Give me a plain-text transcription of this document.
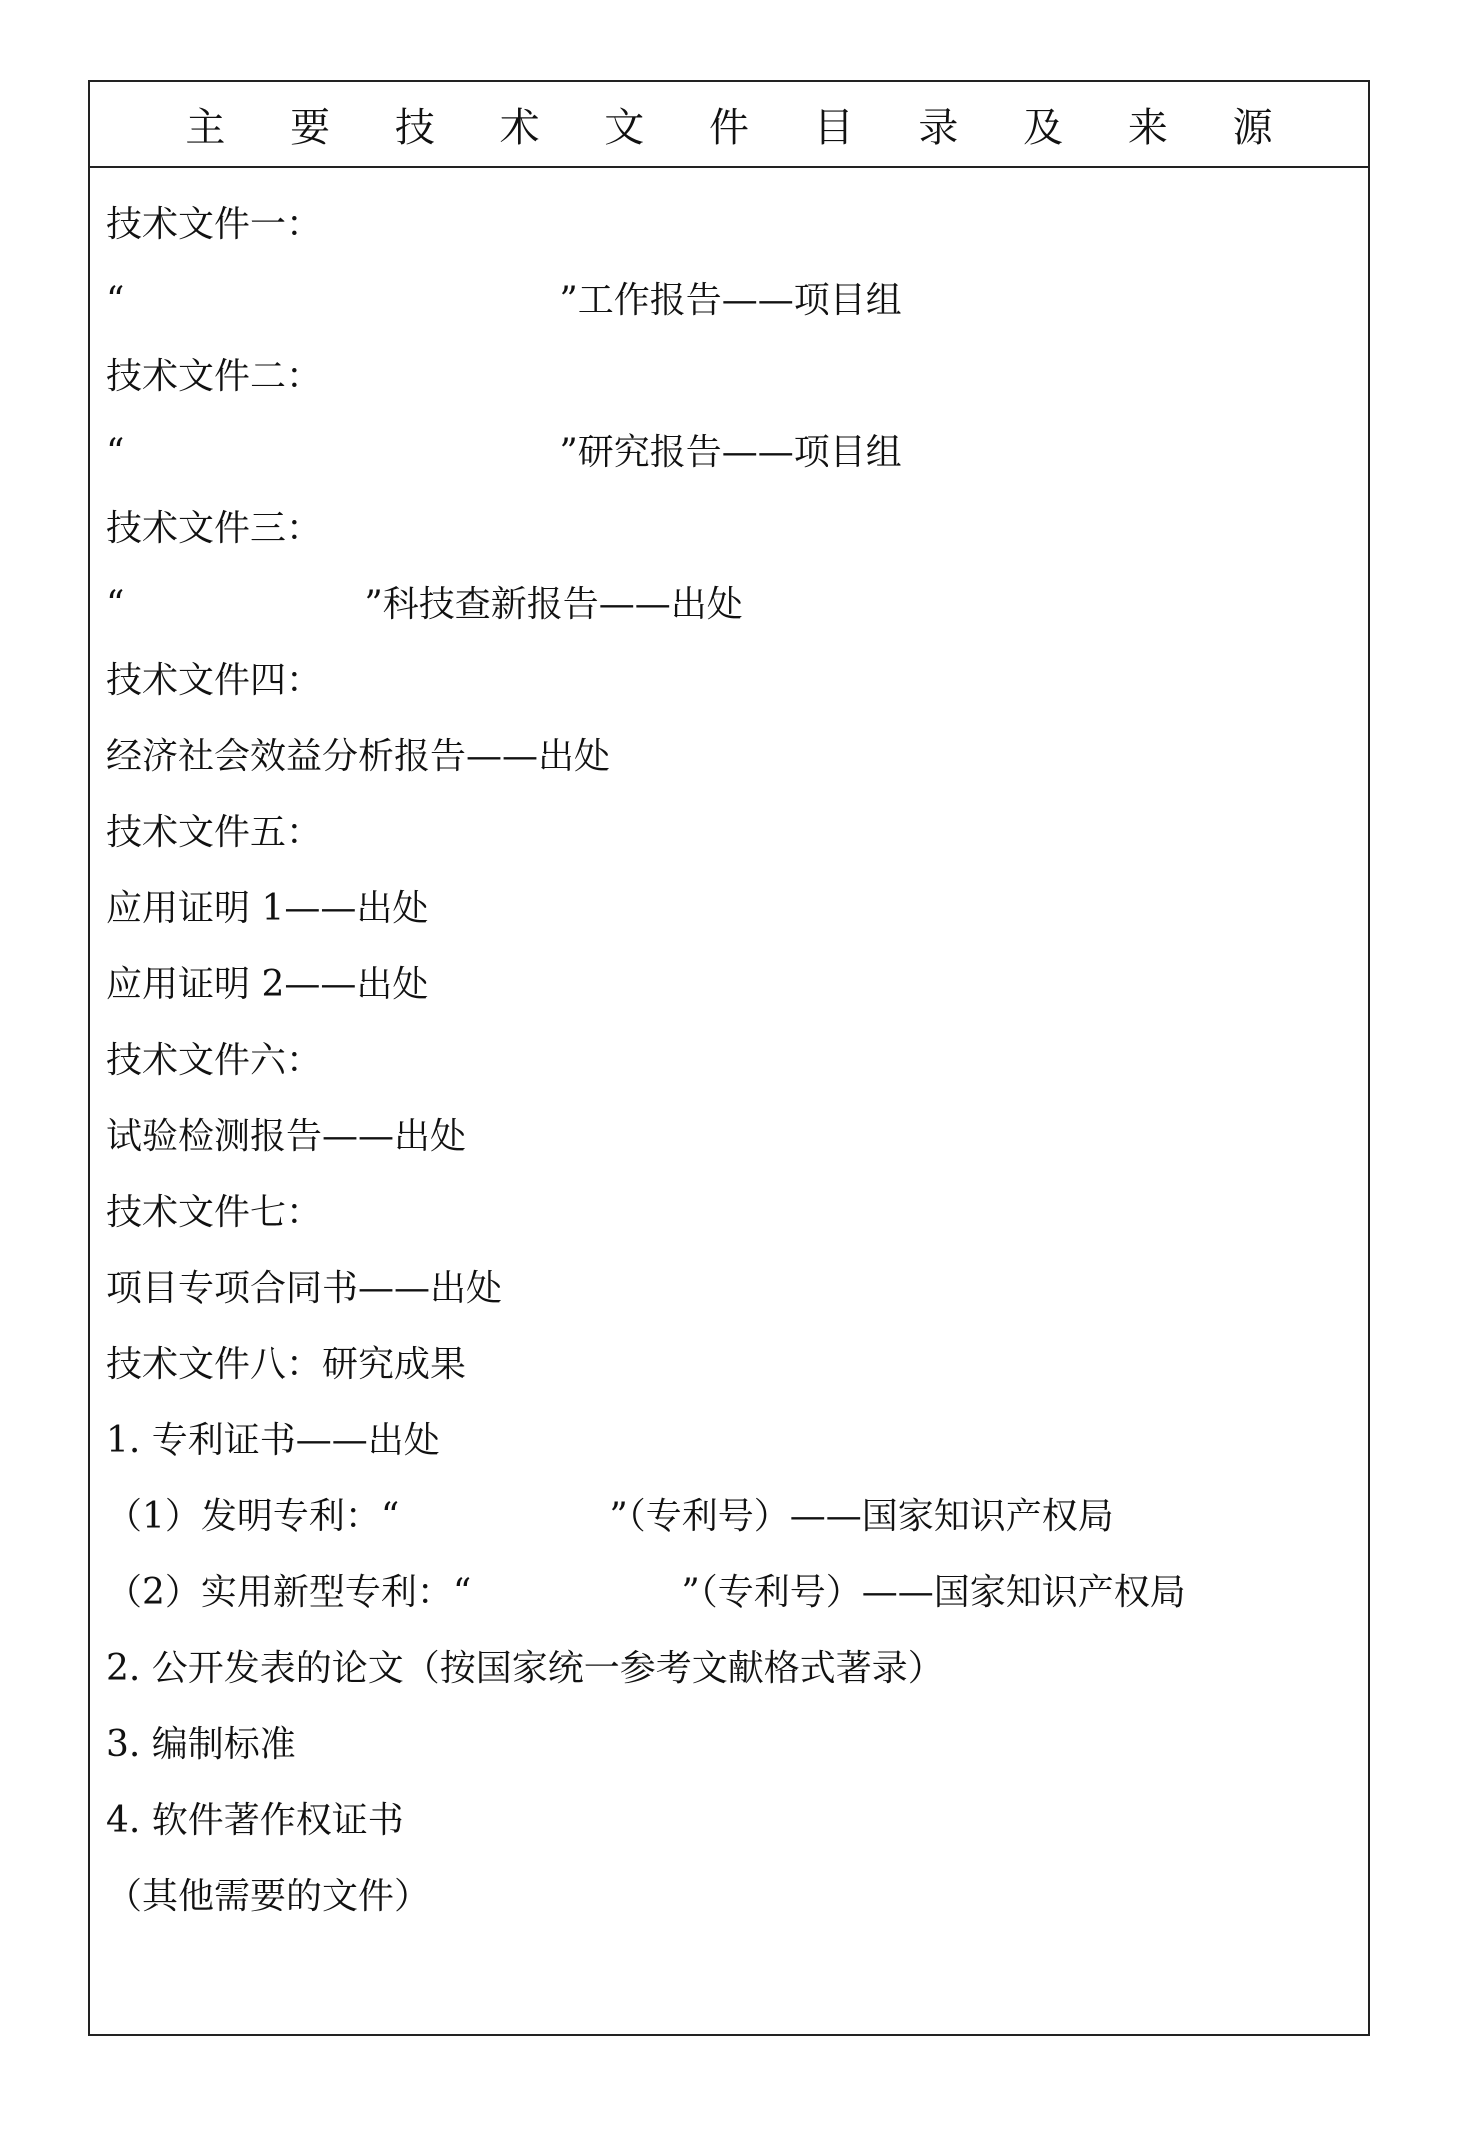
主 要 技 术 文 件 目 录 及 来 源
技术文件一：
“	”工作报告——项目组
技术文件二：
“	”研究报告——项目组
技术文件三：
“	”科技查新报告——出处
技术文件四：
经济社会效益分析报告——出处
技术文件五：
应用证明 1——出处
应用证明 2——出处
技术文件六：
试验检测报告——出处
技术文件七：
项目专项合同书——出处
技术文件八：研究成果
1. 专利证书——出处
（1）发明专利：“	”（专利号）——国家知识产权局
（2）实用新型专利：“	”（专利号）——国家知识产权局
2. 公开发表的论文（按国家统一参考文献格式著录）
3. 编制标准
4. 软件著作权证书
（其他需要的文件）
